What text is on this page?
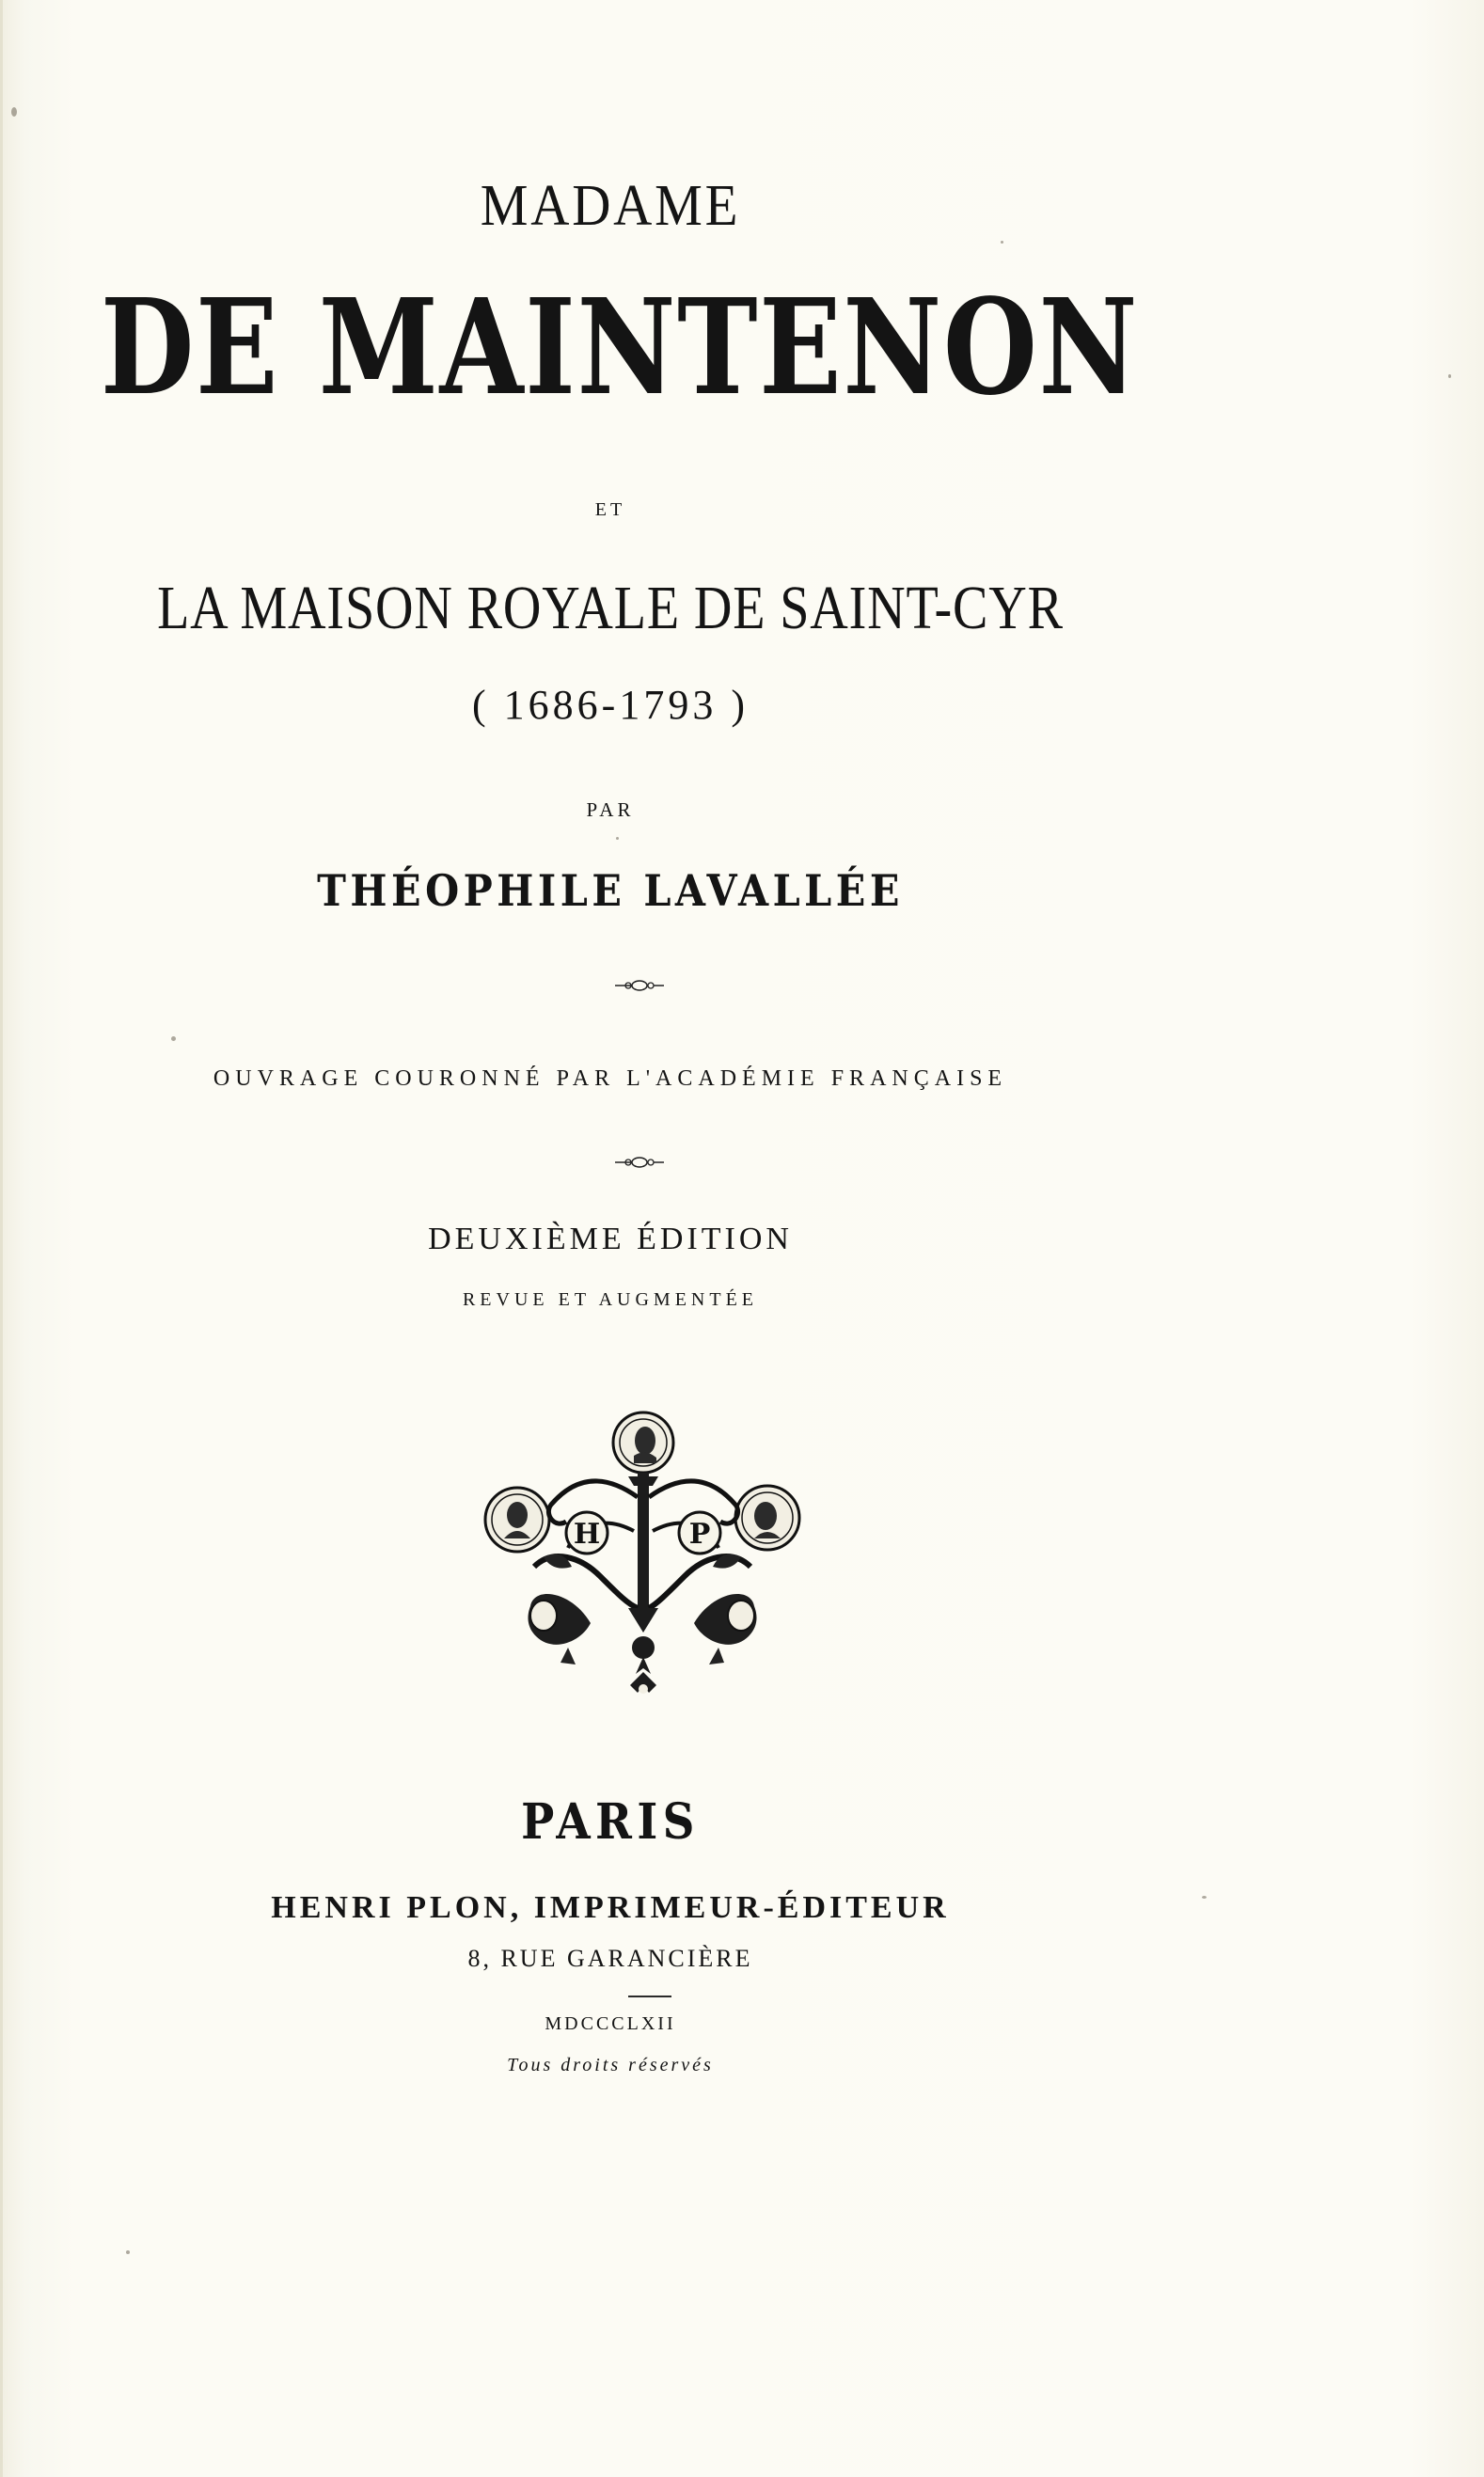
MADAME
DE MAINTENON
ET
LA MAISON ROYALE DE SAINT-CYR
( 1686-1793 )
PAR
THÉOPHILE LAVALLÉE
OUVRAGE COURONNÉ PAR L'ACADÉMIE FRANÇAISE
DEUXIÈME ÉDITION
REVUE ET AUGMENTÉE
H	P
PARIS
HENRI PLON, IMPRIMEUR-ÉDITEUR
8, RUE GARANCIÈRE
MDCCCLXII
Tous droits réservés
